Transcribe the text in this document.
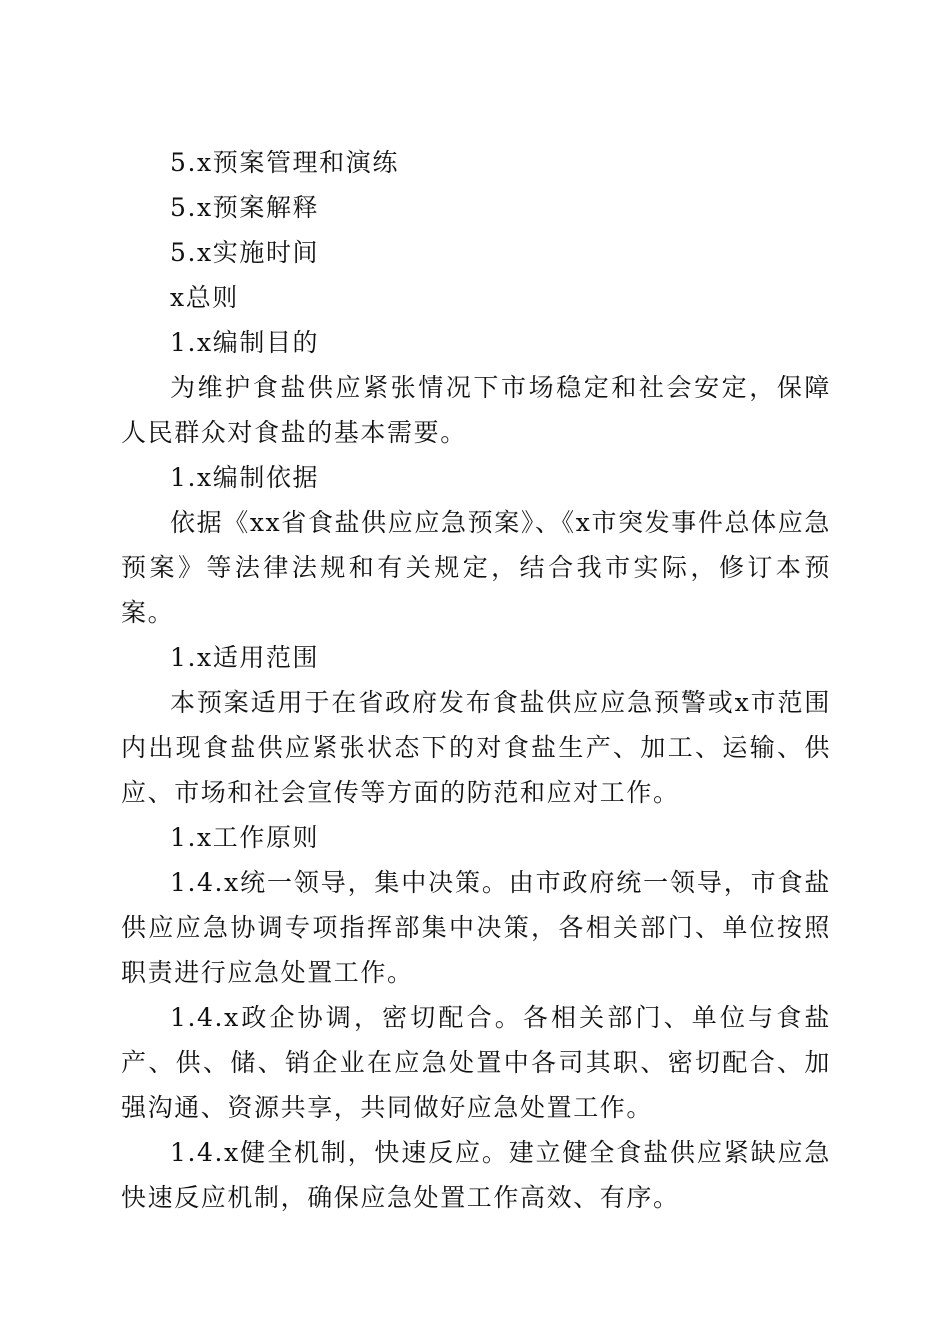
5.x预案管理和演练

5.x预案解释

5.x实施时间

x总则

1.x编制目的

为维护食盐供应紧张情况下市场稳定和社会安定，保障人民群众对食盐的基本需要。

1.x编制依据

依据《xx省食盐供应应急预案》、《x市突发事件总体应急预案》等法律法规和有关规定，结合我市实际，修订本预案。

1.x适用范围

本预案适用于在省政府发布食盐供应应急预警或x市范围内出现食盐供应紧张状态下的对食盐生产、加工、运输、供应、市场和社会宣传等方面的防范和应对工作。

1.x工作原则

1.4.x统一领导，集中决策。由市政府统一领导，市食盐供应应急协调专项指挥部集中决策，各相关部门、单位按照职责进行应急处置工作。

1.4.x政企协调，密切配合。各相关部门、单位与食盐产、供、储、销企业在应急处置中各司其职、密切配合、加强沟通、资源共享，共同做好应急处置工作。

1.4.x健全机制，快速反应。建立健全食盐供应紧缺应急快速反应机制，确保应急处置工作高效、有序。
